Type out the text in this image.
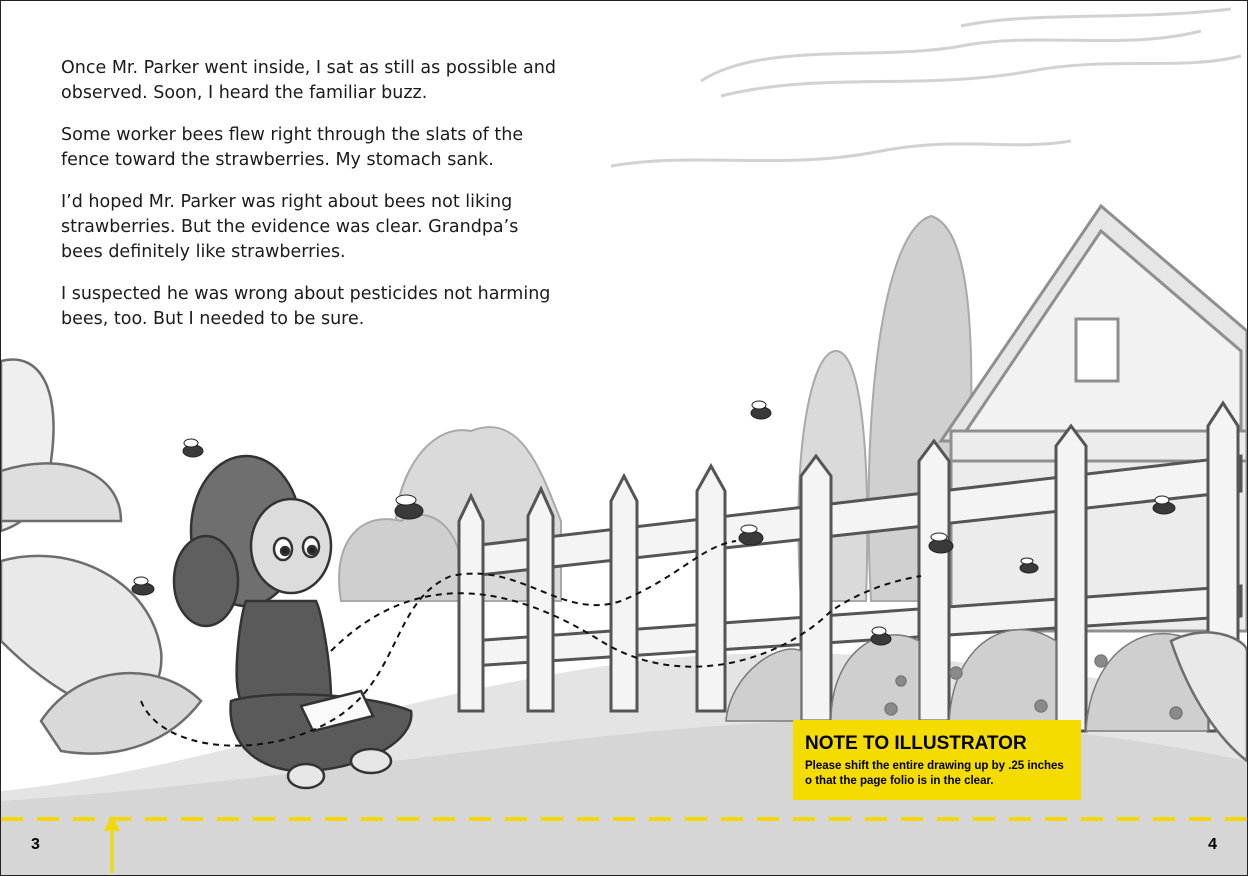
Once Mr. Parker went inside, I sat as still as possible and observed. Soon, I heard the familiar buzz.

Some worker bees flew right through the slats of the fence toward the strawberries. My stomach sank.

I’d hoped Mr. Parker was right about bees not liking strawberries. But the evidence was clear. Grandpa’s bees definitely like strawberries.

I suspected he was wrong about pesticides not harming bees, too. But I needed to be sure.

NOTE TO ILLUSTRATOR
Please shift the entire drawing up by .25 inches o that the page folio is in the clear.
3	4
